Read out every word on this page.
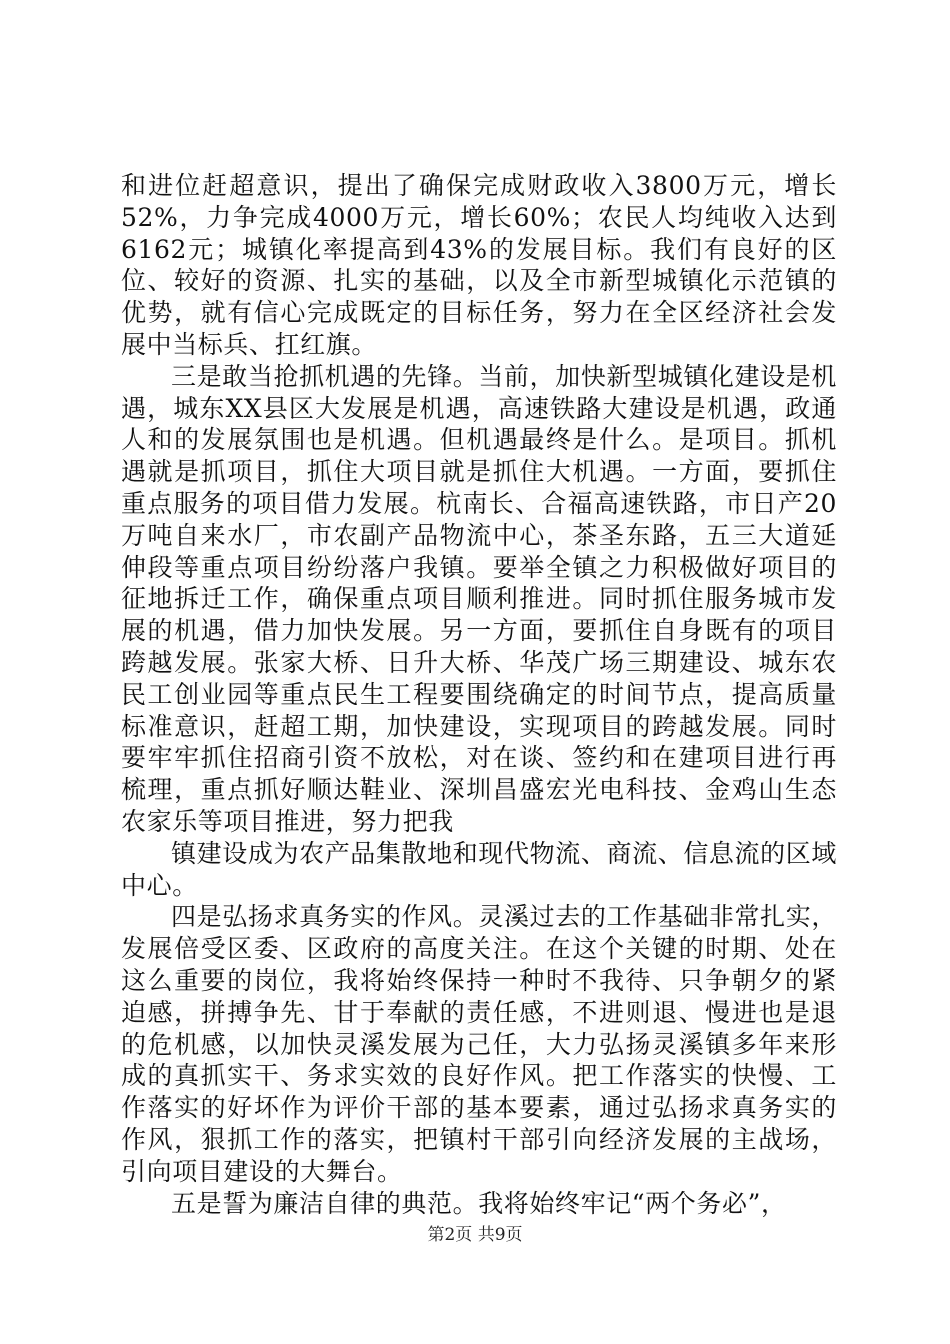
和进位赶超意识，提出了确保完成财政收入3800万元，增长52%，力争完成4000万元，增长60%；农民人均纯收入达到6162元；城镇化率提高到43%的发展目标。我们有良好的区位、较好的资源、扎实的基础，以及全市新型城镇化示范镇的优势，就有信心完成既定的目标任务，努力在全区经济社会发展中当标兵、扛红旗。

三是敢当抢抓机遇的先锋。当前，加快新型城镇化建设是机遇，城东XX县区大发展是机遇，高速铁路大建设是机遇，政通人和的发展氛围也是机遇。但机遇最终是什么。是项目。抓机遇就是抓项目，抓住大项目就是抓住大机遇。一方面，要抓住重点服务的项目借力发展。杭南长、合福高速铁路，市日产20万吨自来水厂，市农副产品物流中心，茶圣东路，五三大道延伸段等重点项目纷纷落户我镇。要举全镇之力积极做好项目的征地拆迁工作，确保重点项目顺利推进。同时抓住服务城市发展的机遇，借力加快发展。另一方面，要抓住自身既有的项目跨越发展。张家大桥、日升大桥、华茂广场三期建设、城东农民工创业园等重点民生工程要围绕确定的时间节点，提高质量标准意识，赶超工期，加快建设，实现项目的跨越发展。同时要牢牢抓住招商引资不放松，对在谈、签约和在建项目进行再梳理，重点抓好顺达鞋业、深圳昌盛宏光电科技、金鸡山生态农家乐等项目推进，努力把我

镇建设成为农产品集散地和现代物流、商流、信息流的区域中心。

四是弘扬求真务实的作风。灵溪过去的工作基础非常扎实，发展倍受区委、区政府的高度关注。在这个关键的时期、处在这么重要的岗位，我将始终保持一种时不我待、只争朝夕的紧迫感，拼搏争先、甘于奉献的责任感，不进则退、慢进也是退的危机感，以加快灵溪发展为己任，大力弘扬灵溪镇多年来形成的真抓实干、务求实效的良好作风。把工作落实的快慢、工作落实的好坏作为评价干部的基本要素，通过弘扬求真务实的作风，狠抓工作的落实，把镇村干部引向经济发展的主战场，引向项目建设的大舞台。

五是誓为廉洁自律的典范。我将始终牢记“两个务必”，

第2页 共9页
